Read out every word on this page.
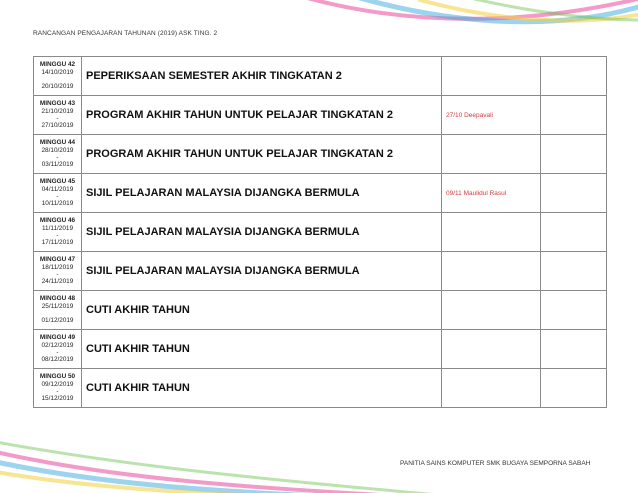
RANCANGAN PENGAJARAN TAHUNAN (2019) ASK TING. 2
MINGGU 42
14/10/2019

20/10/2019	PEPERIKSAAN SEMESTER AKHIR TINGKATAN 2		

MINGGU 43
21/10/2019
-
27/10/2019	PROGRAM AKHIR TAHUN UNTUK PELAJAR TINGKATAN 2	27/10 Deepavali	

MINGGU 44
28/10/2019
-
03/11/2019	PROGRAM AKHIR TAHUN UNTUK PELAJAR TINGKATAN 2		

MINGGU 45
04/11/2019
-
10/11/2019	SIJIL PELAJARAN MALAYSIA DIJANGKA BERMULA	09/11 Maulidul Rasul	

MINGGU 46
11/11/2019
-
17/11/2019	SIJIL PELAJARAN MALAYSIA DIJANGKA BERMULA		

MINGGU 47
18/11/2019
-
24/11/2019	SIJIL PELAJARAN MALAYSIA DIJANGKA BERMULA		

MINGGU 48
25/11/2019

01/12/2019	CUTI AKHIR TAHUN		

MINGGU 49
02/12/2019
-
08/12/2019	CUTI AKHIR TAHUN		

MINGGU 50
09/12/2019
-
15/12/2019	CUTI AKHIR TAHUN		
PANITIA SAINS KOMPUTER SMK BUGAYA SEMPORNA SABAH
